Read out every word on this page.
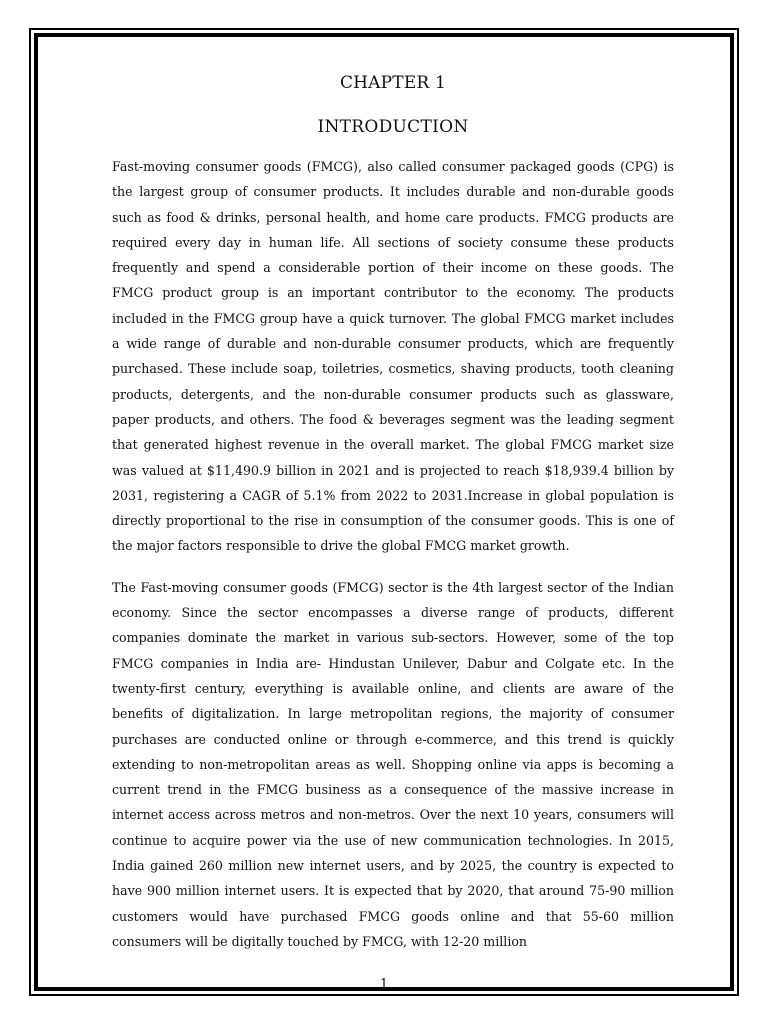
CHAPTER 1
INTRODUCTION

Fast-moving consumer goods (FMCG), also called consumer packaged goods (CPG) is the largest group of consumer products. It includes durable and non-durable goods such as food & drinks, personal health, and home care products. FMCG products are required every day in human life. All sections of society consume these products frequently and spend a considerable portion of their income on these goods. The FMCG product group is an important contributor to the economy. The products included in the FMCG group have a quick turnover. The global FMCG market includes a wide range of durable and non-durable consumer products, which are frequently purchased. These include soap, toiletries, cosmetics, shaving products, tooth cleaning products, detergents, and the non-durable consumer products such as glassware, paper products, and others. The food & beverages segment was the leading segment that generated highest revenue in the overall market. The global FMCG market size was valued at $11,490.9 billion in 2021 and is projected to reach $18,939.4 billion by 2031, registering a CAGR of 5.1% from 2022 to 2031.Increase in global population is directly proportional to the rise in consumption of the consumer goods. This is one of the major factors responsible to drive the global FMCG market growth.

The Fast-moving consumer goods (FMCG) sector is the 4th largest sector of the Indian economy. Since the sector encompasses a diverse range of products, different companies dominate the market in various sub-sectors. However, some of the top FMCG companies in India are- Hindustan Unilever, Dabur and Colgate etc. In the twenty-first century, everything is available online, and clients are aware of the benefits of digitalization. In large metropolitan regions, the majority of consumer purchases are conducted online or through e-commerce, and this trend is quickly extending to non-metropolitan areas as well. Shopping online via apps is becoming a current trend in the FMCG business as a consequence of the massive increase in internet access across metros and non-metros. Over the next 10 years, consumers will continue to acquire power via the use of new communication technologies. In 2015, India gained 260 million new internet users, and by 2025, the country is expected to have 900 million internet users. It is expected that by 2020, that around 75-90 million customers would have purchased FMCG goods online and that 55-60 million consumers will be digitally touched by FMCG, with 12-20 million

1
